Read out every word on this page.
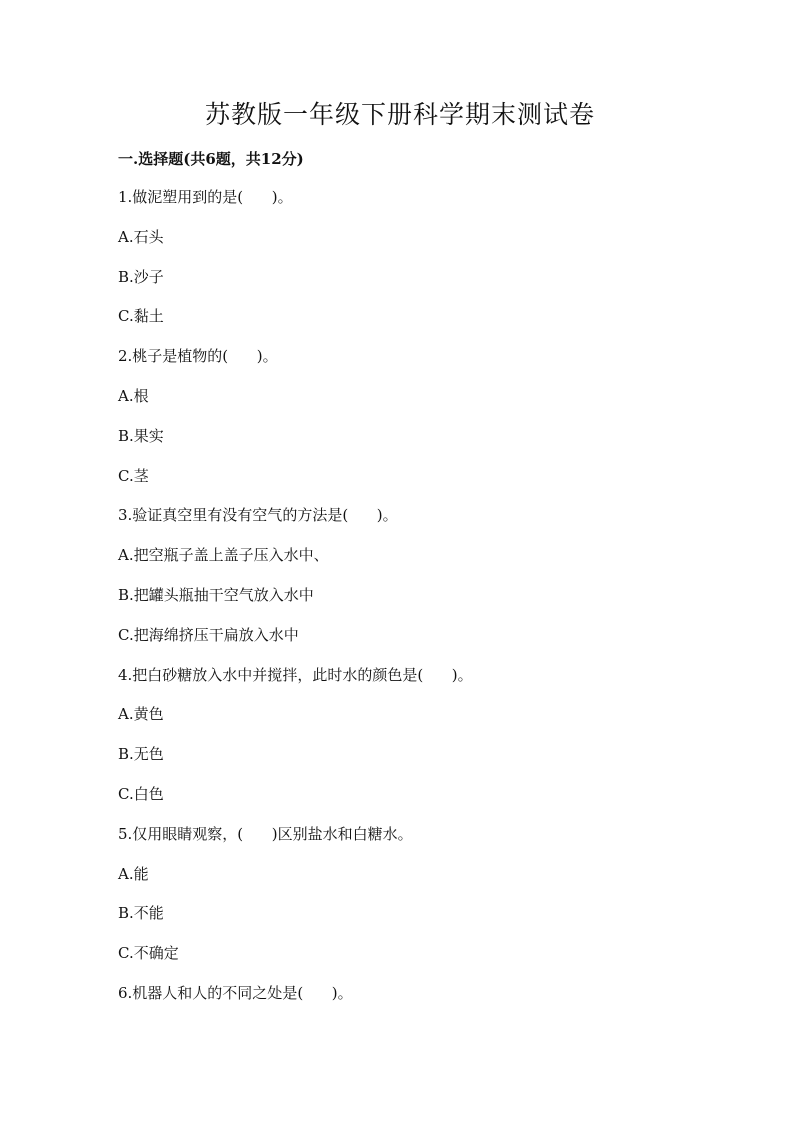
苏教版一年级下册科学期末测试卷
一.选择题(共6题，共12分)
1.做泥塑用到的是(      )。
A.石头
B.沙子
C.黏土
2.桃子是植物的(      )。
A.根
B.果实
C.茎
3.验证真空里有没有空气的方法是(      )。
A.把空瓶子盖上盖子压入水中、
B.把罐头瓶抽干空气放入水中
C.把海绵挤压干扁放入水中
4.把白砂糖放入水中并搅拌，此时水的颜色是(      )。
A.黄色
B.无色
C.白色
5.仅用眼睛观察，(      )区别盐水和白糖水。
A.能
B.不能
C.不确定
6.机器人和人的不同之处是(      )。
